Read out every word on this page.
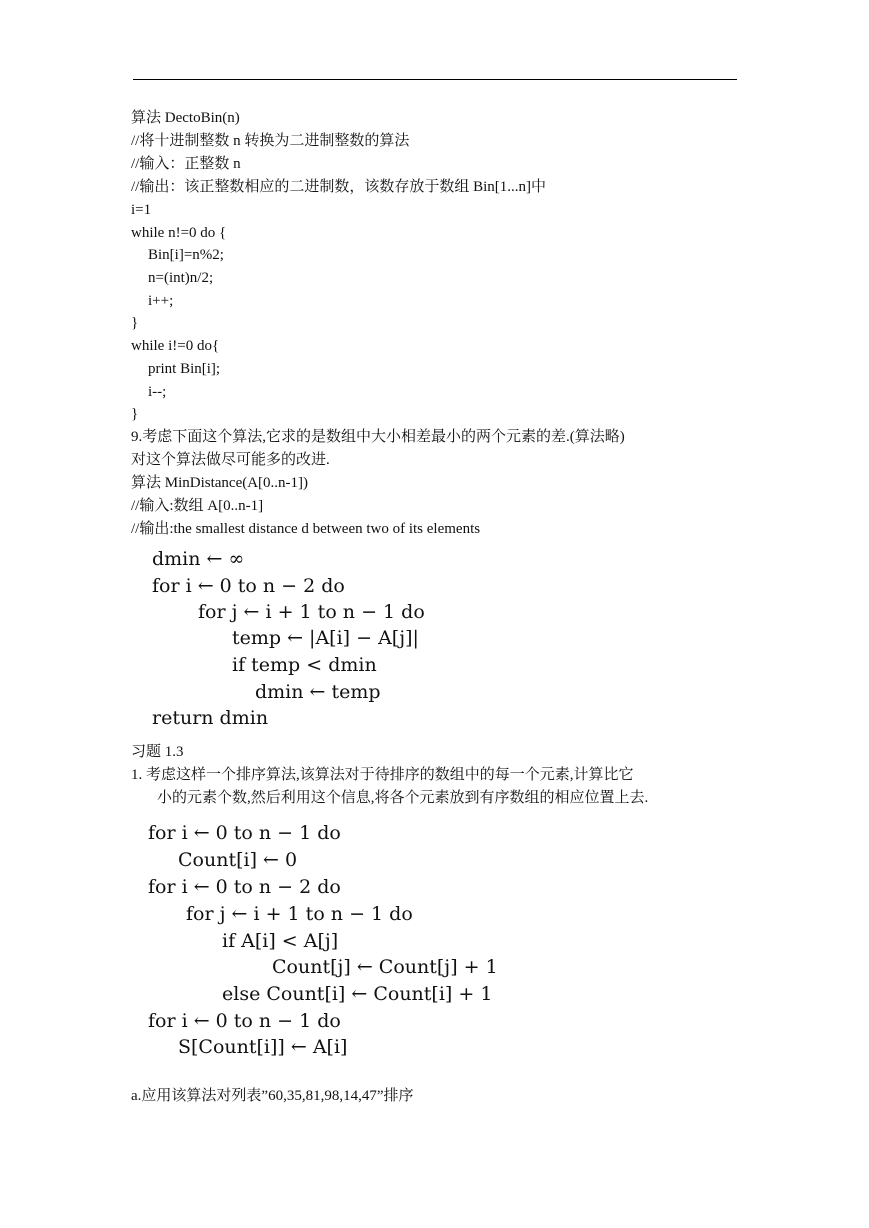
算法 DectoBin(n)
//将十进制整数 n 转换为二进制整数的算法
//输入：正整数 n
//输出：该正整数相应的二进制数，该数存放于数组 Bin[1...n]中
i=1
while n!=0 do {
Bin[i]=n%2;
n=(int)n/2;
i++;
}
while i!=0 do{
print Bin[i];
i--;
}
9.考虑下面这个算法,它求的是数组中大小相差最小的两个元素的差.(算法略)
对这个算法做尽可能多的改进.
算法 MinDistance(A[0..n-1])
//输入:数组 A[0..n-1]
//输出:the smallest distance d between two of its elements
dmin ← ∞
for i ← 0 to n − 2 do
for j ← i + 1 to n − 1 do
temp ← |A[i] − A[j]|
if temp < dmin
dmin ← temp
return dmin
习题 1.3
1. 考虑这样一个排序算法,该算法对于待排序的数组中的每一个元素,计算比它
小的元素个数,然后利用这个信息,将各个元素放到有序数组的相应位置上去.
for i ← 0 to n − 1 do
Count[i] ← 0
for i ← 0 to n − 2 do
for j ← i + 1 to n − 1 do
if A[i] < A[j]
Count[j] ← Count[j] + 1
else Count[i] ← Count[i] + 1
for i ← 0 to n − 1 do
S[Count[i]] ← A[i]
a.应用该算法对列表”60,35,81,98,14,47”排序
